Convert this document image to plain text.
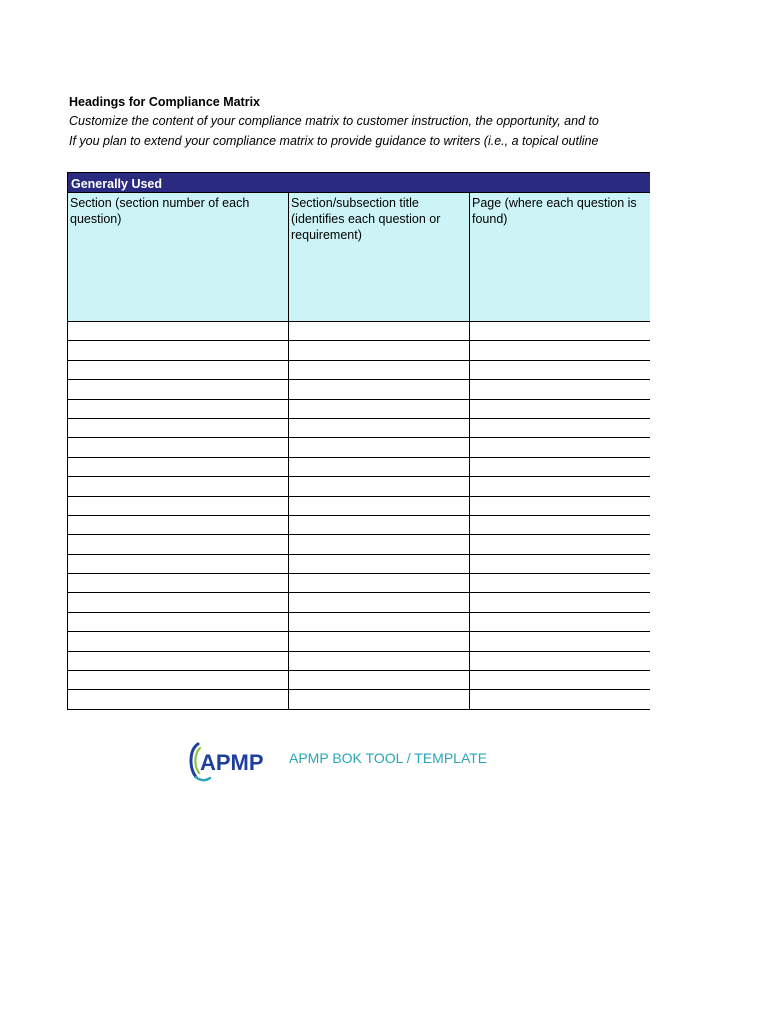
Headings for Compliance Matrix
Customize the content of your compliance matrix to customer instruction, the opportunity, and to
If you plan to extend your compliance matrix to provide guidance to writers (i.e., a topical outline
Generally Used
Section (section number of each question)
Section/subsection title (identifies each question or requirement)
Page (where each question is found)
APMP APMP BOK TOOL / TEMPLATE
